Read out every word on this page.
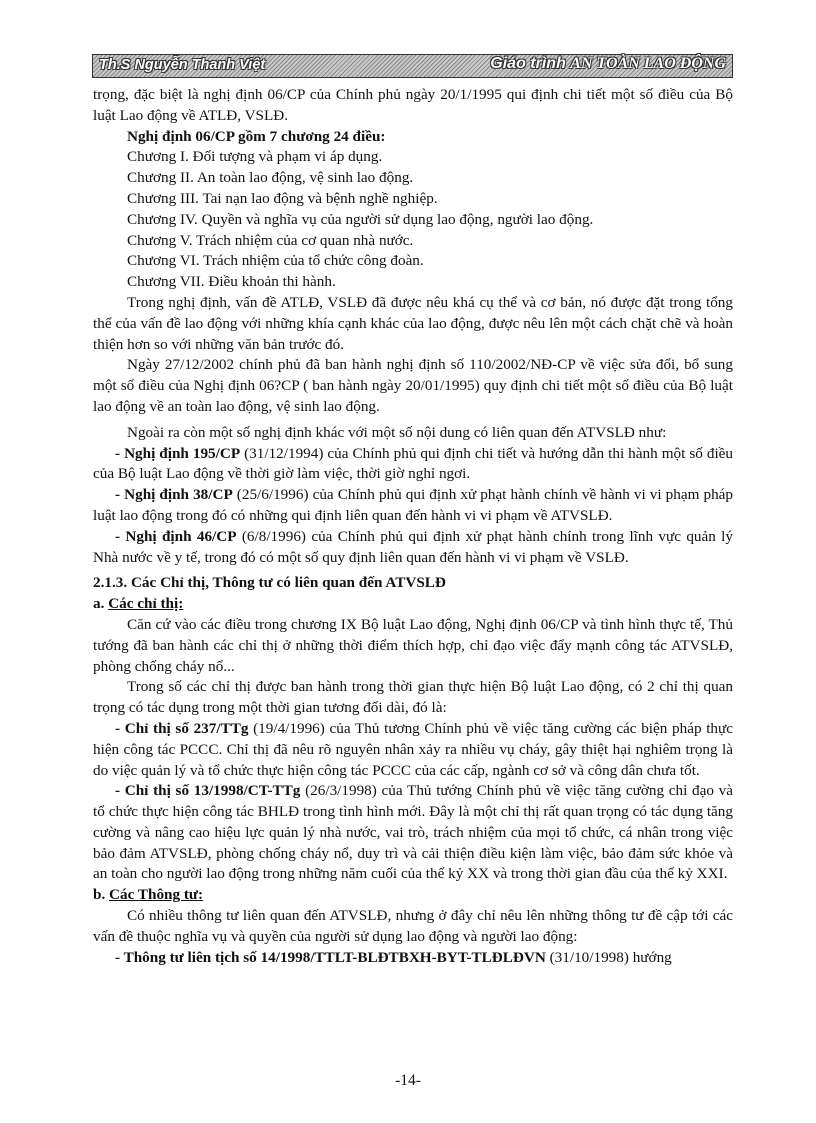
Th.S Nguyễn Thanh Việt	Giáo trình AN TOÀN LAO ĐỘNG

trọng, đặc biệt là nghị định 06/CP của Chính phủ ngày 20/1/1995 qui định chi tiết một số điều của Bộ luật Lao động về ATLĐ, VSLĐ.

Nghị định 06/CP gồm 7 chương 24 điều:

Chương I. Đối tượng và phạm vi áp dụng.

Chương II. An toàn lao động, vệ sinh lao động.

Chương III. Tai nạn lao động và bệnh nghề nghiệp.

Chương IV. Quyền và nghĩa vụ của người sử dụng lao động, người lao động.

Chương V. Trách nhiệm của cơ quan nhà nước.

Chương VI. Trách nhiệm của tổ chức công đoàn.

Chương VII. Điều khoản thi hành.

Trong nghị định, vấn đề ATLĐ, VSLĐ đã được nêu khá cụ thể và cơ bản, nó được đặt trong tổng thể của vấn đề lao động với những khía cạnh khác của lao động, được nêu lên một cách chặt chẽ và hoàn thiện hơn so với những văn bản trước đó.

Ngày 27/12/2002 chính phủ đã ban hành nghị định số 110/2002/NĐ-CP về việc sửa đổi, bổ sung một số điều của Nghị định 06?CP ( ban hành ngày 20/01/1995) quy định chi tiết một số điều của Bộ luật lao động về an toàn lao động, vệ sinh lao động.

Ngoài ra còn một số nghị định khác với một số nội dung có liên quan đến ATVSLĐ như:

- Nghị định 195/CP (31/12/1994) của Chính phủ qui định chi tiết và hướng dẫn thi hành một số điều của Bộ luật Lao động về thời giờ làm việc, thời giờ nghỉ ngơi.

- Nghị định 38/CP (25/6/1996) của Chính phủ qui định xử phạt hành chính về hành vi vi phạm pháp luật lao động trong đó có những qui định liên quan đến hành vi vi phạm về ATVSLĐ.

- Nghị định 46/CP (6/8/1996) của Chính phủ qui định xử phạt hành chính trong lĩnh vực quản lý Nhà nước về y tế, trong đó có một số quy định liên quan đến hành vi vi phạm về VSLĐ.

2.1.3. Các Chỉ thị, Thông tư có liên quan đến ATVSLĐ

a. Các chỉ thị:

Căn cứ vào các điều trong chương IX Bộ luật Lao động, Nghị định 06/CP và tình hình thực tế, Thủ tướng đã ban hành các chỉ thị ở những thời điểm thích hợp, chỉ đạo việc đẩy mạnh công tác ATVSLĐ, phòng chống cháy nổ...

Trong số các chỉ thị được ban hành trong thời gian thực hiện Bộ luật Lao động, có 2 chỉ thị quan trọng có tác dụng trong một thời gian tương đối dài, đó là:

- Chỉ thị số 237/TTg (19/4/1996) của Thủ tương Chính phủ về việc tăng cường các biện pháp thực hiện công tác PCCC. Chỉ thị đã nêu rõ nguyên nhân xảy ra nhiều vụ cháy, gây thiệt hại nghiêm trọng là do việc quản lý và tổ chức thực hiện công tác PCCC của các cấp, ngành cơ sở và công dân chưa tốt.

- Chỉ thị số 13/1998/CT-TTg (26/3/1998) của Thủ tướng Chính phủ về việc tăng cường chỉ đạo và tổ chức thực hiện công tác BHLĐ trong tình hình mới. Đây là một chỉ thị rất quan trọng có tác dụng tăng cường và nâng cao hiệu lực quản lý nhà nước, vai trò, trách nhiệm của mọi tổ chức, cá nhân trong việc bảo đảm ATVSLĐ, phòng chống cháy nổ, duy trì và cải thiện điều kiện làm việc, bảo đảm sức khỏe và an toàn cho người lao động trong những năm cuối của thế kỷ XX và trong thời gian đầu của thế kỷ XXI.

b. Các Thông tư:

Có nhiều thông tư liên quan đến ATVSLĐ, nhưng ở đây chỉ nêu lên những thông tư đề cập tới các vấn đề thuộc nghĩa vụ và quyền của người sử dụng lao động và người lao động:

- Thông tư liên tịch số 14/1998/TTLT-BLĐTBXH-BYT-TLĐLĐVN (31/10/1998) hướng

-14-
